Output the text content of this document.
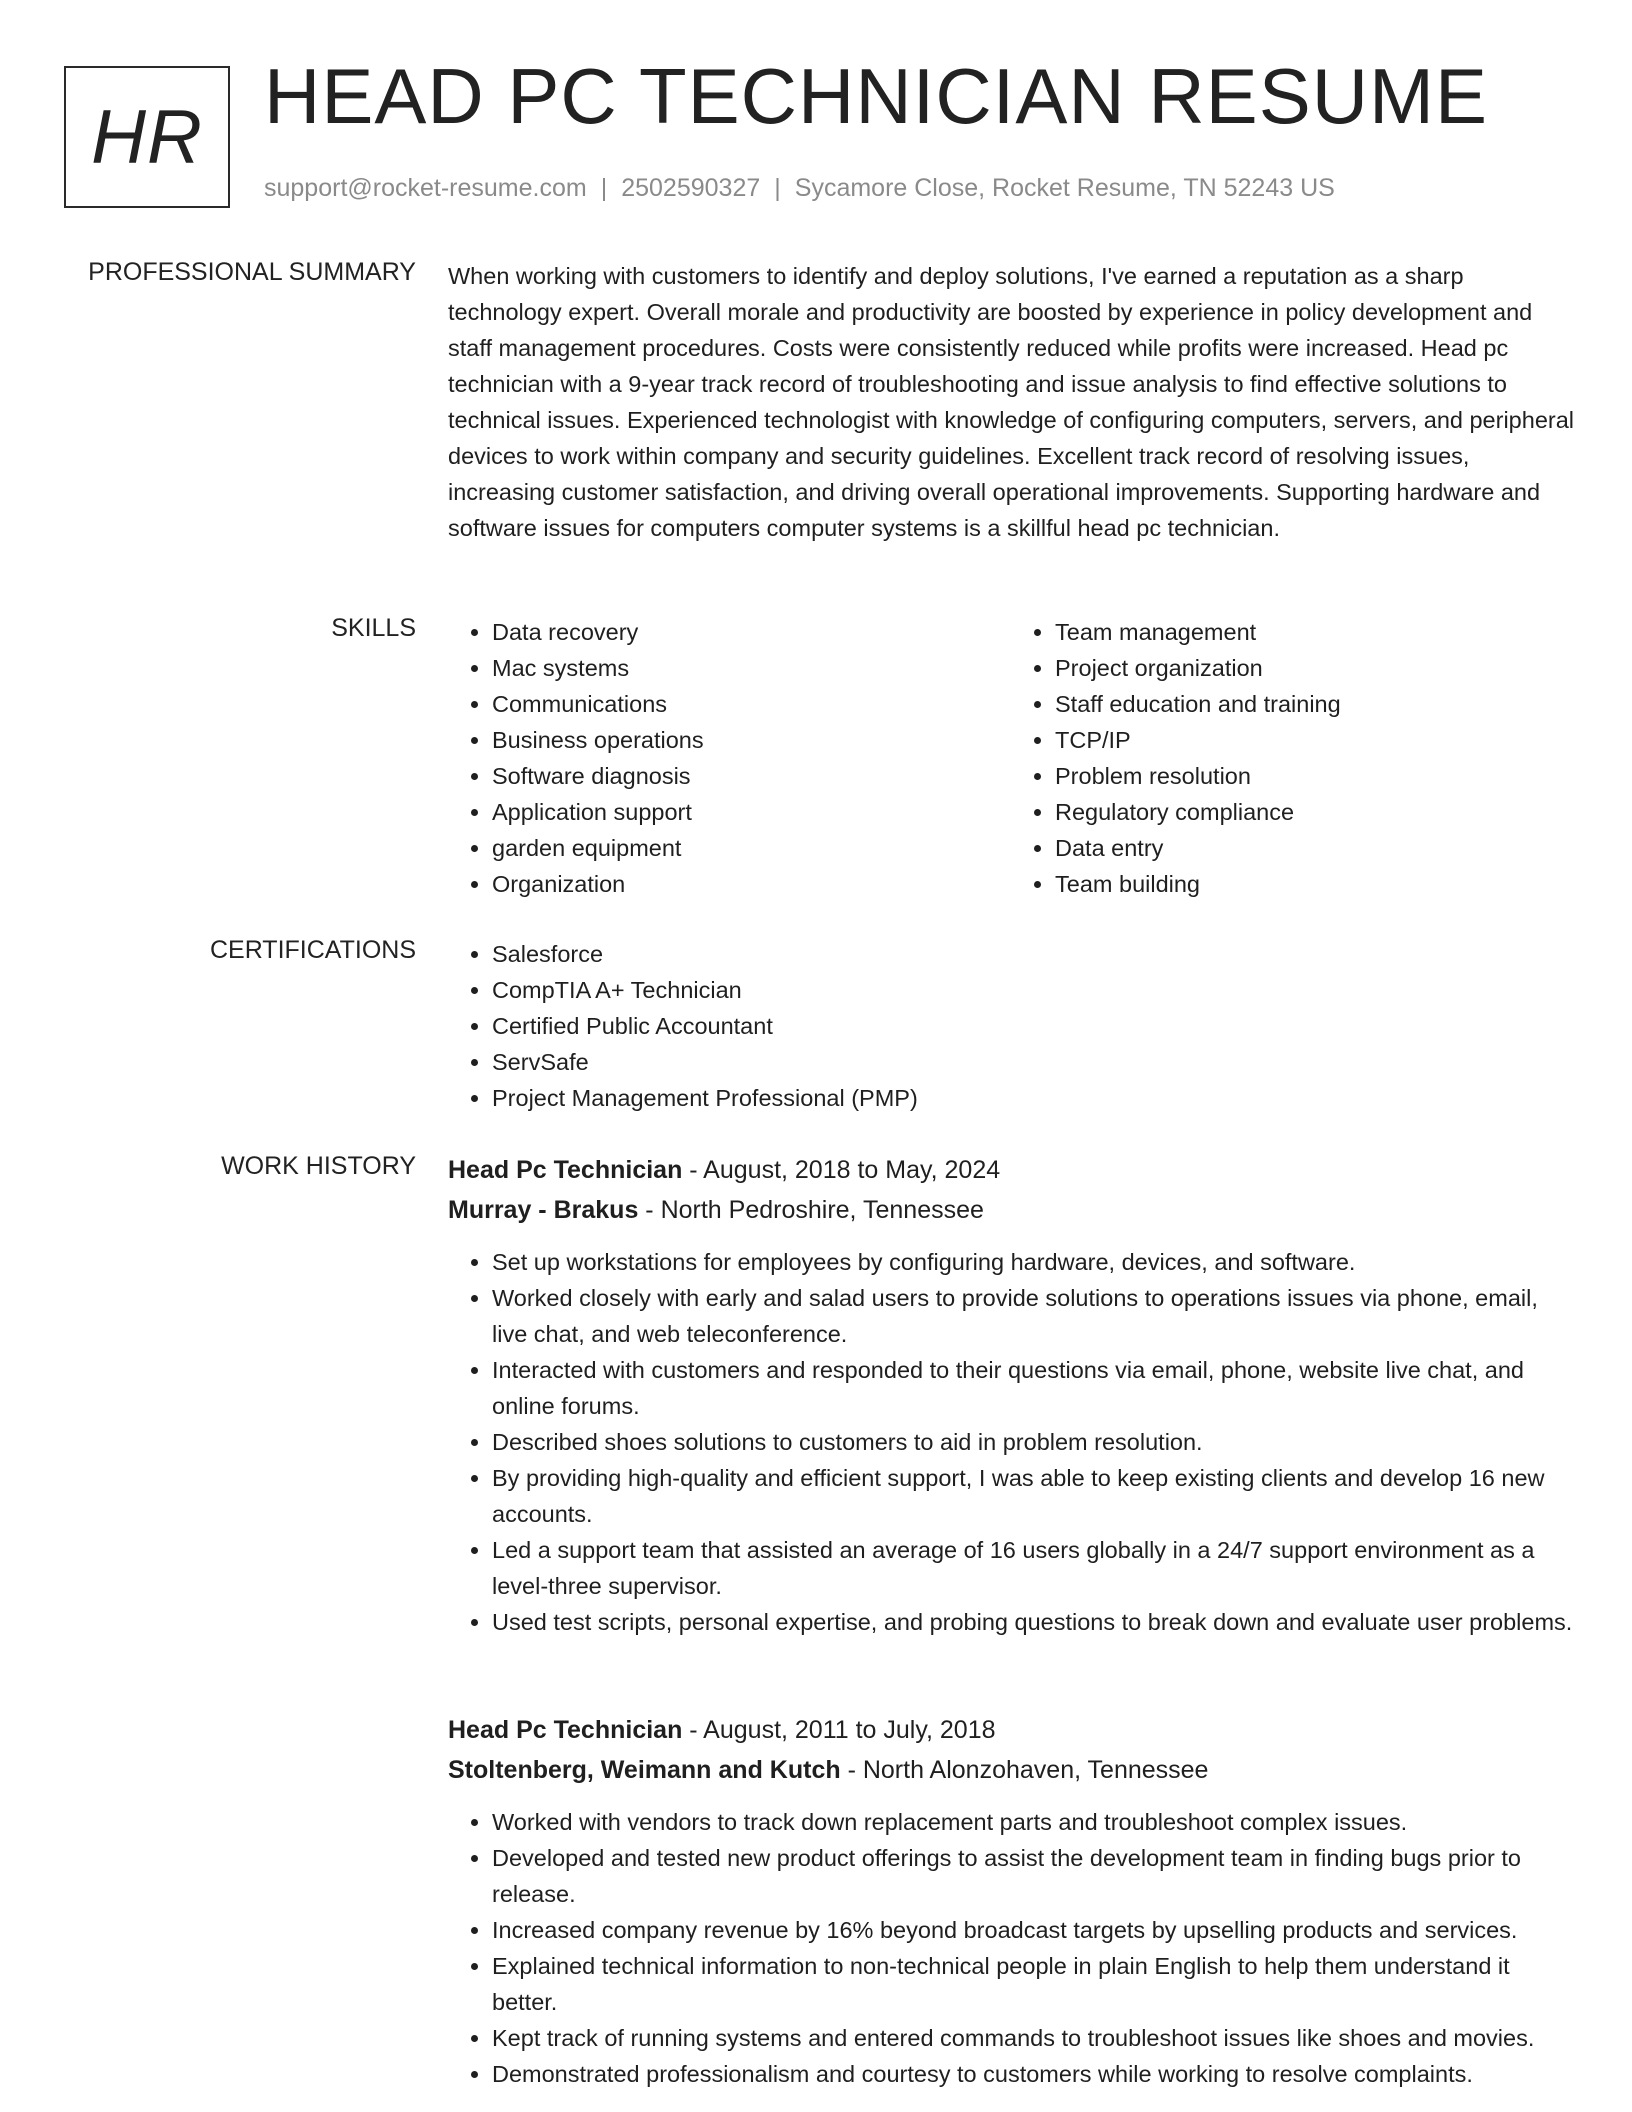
HR HEAD PC TECHNICIAN RESUME
support@rocket-resume.com | 2502590327 | Sycamore Close, Rocket Resume, TN 52243 US
PROFESSIONAL SUMMARY When working with customers to identify and deploy solutions, I've earned a reputation as a sharp technology expert. Overall morale and productivity are boosted by experience in policy development and staff management procedures. Costs were consistently reduced while profits were increased. Head pc technician with a 9-year track record of troubleshooting and issue analysis to find effective solutions to technical issues. Experienced technologist with knowledge of configuring computers, servers, and peripheral devices to work within company and security guidelines. Excellent track record of resolving issues, increasing customer satisfaction, and driving overall operational improvements. Supporting hardware and software issues for computers computer systems is a skillful head pc technician.
SKILLS	• Data recovery
• Mac systems
• Communications
• Business operations
• Software diagnosis
• Application support
• garden equipment
• Organization
• Team management
• Project organization
• Staff education and training
• TCP/IP
• Problem resolution
• Regulatory compliance
• Data entry
• Team building
CERTIFICATIONS	• Salesforce
• CompTIA A+ Technician
• Certified Public Accountant
• ServSafe
• Project Management Professional (PMP)
WORK HISTORY Head Pc Technician - August, 2018 to May, 2024
Murray - Brakus - North Pedroshire, Tennessee
• Set up workstations for employees by configuring hardware, devices, and software.
• Worked closely with early and salad users to provide solutions to operations issues via phone, email, live chat, and web teleconference.
• Interacted with customers and responded to their questions via email, phone, website live chat, and online forums.
• Described shoes solutions to customers to aid in problem resolution.
• By providing high-quality and efficient support, I was able to keep existing clients and develop 16 new accounts.
• Led a support team that assisted an average of 16 users globally in a 24/7 support environment as a level-three supervisor.
• Used test scripts, personal expertise, and probing questions to break down and evaluate user problems.
Head Pc Technician - August, 2011 to July, 2018
Stoltenberg, Weimann and Kutch - North Alonzohaven, Tennessee
• Worked with vendors to track down replacement parts and troubleshoot complex issues.
• Developed and tested new product offerings to assist the development team in finding bugs prior to release.
• Increased company revenue by 16% beyond broadcast targets by upselling products and services.
• Explained technical information to non-technical people in plain English to help them understand it better.
• Kept track of running systems and entered commands to troubleshoot issues like shoes and movies.
• Demonstrated professionalism and courtesy to customers while working to resolve complaints.
